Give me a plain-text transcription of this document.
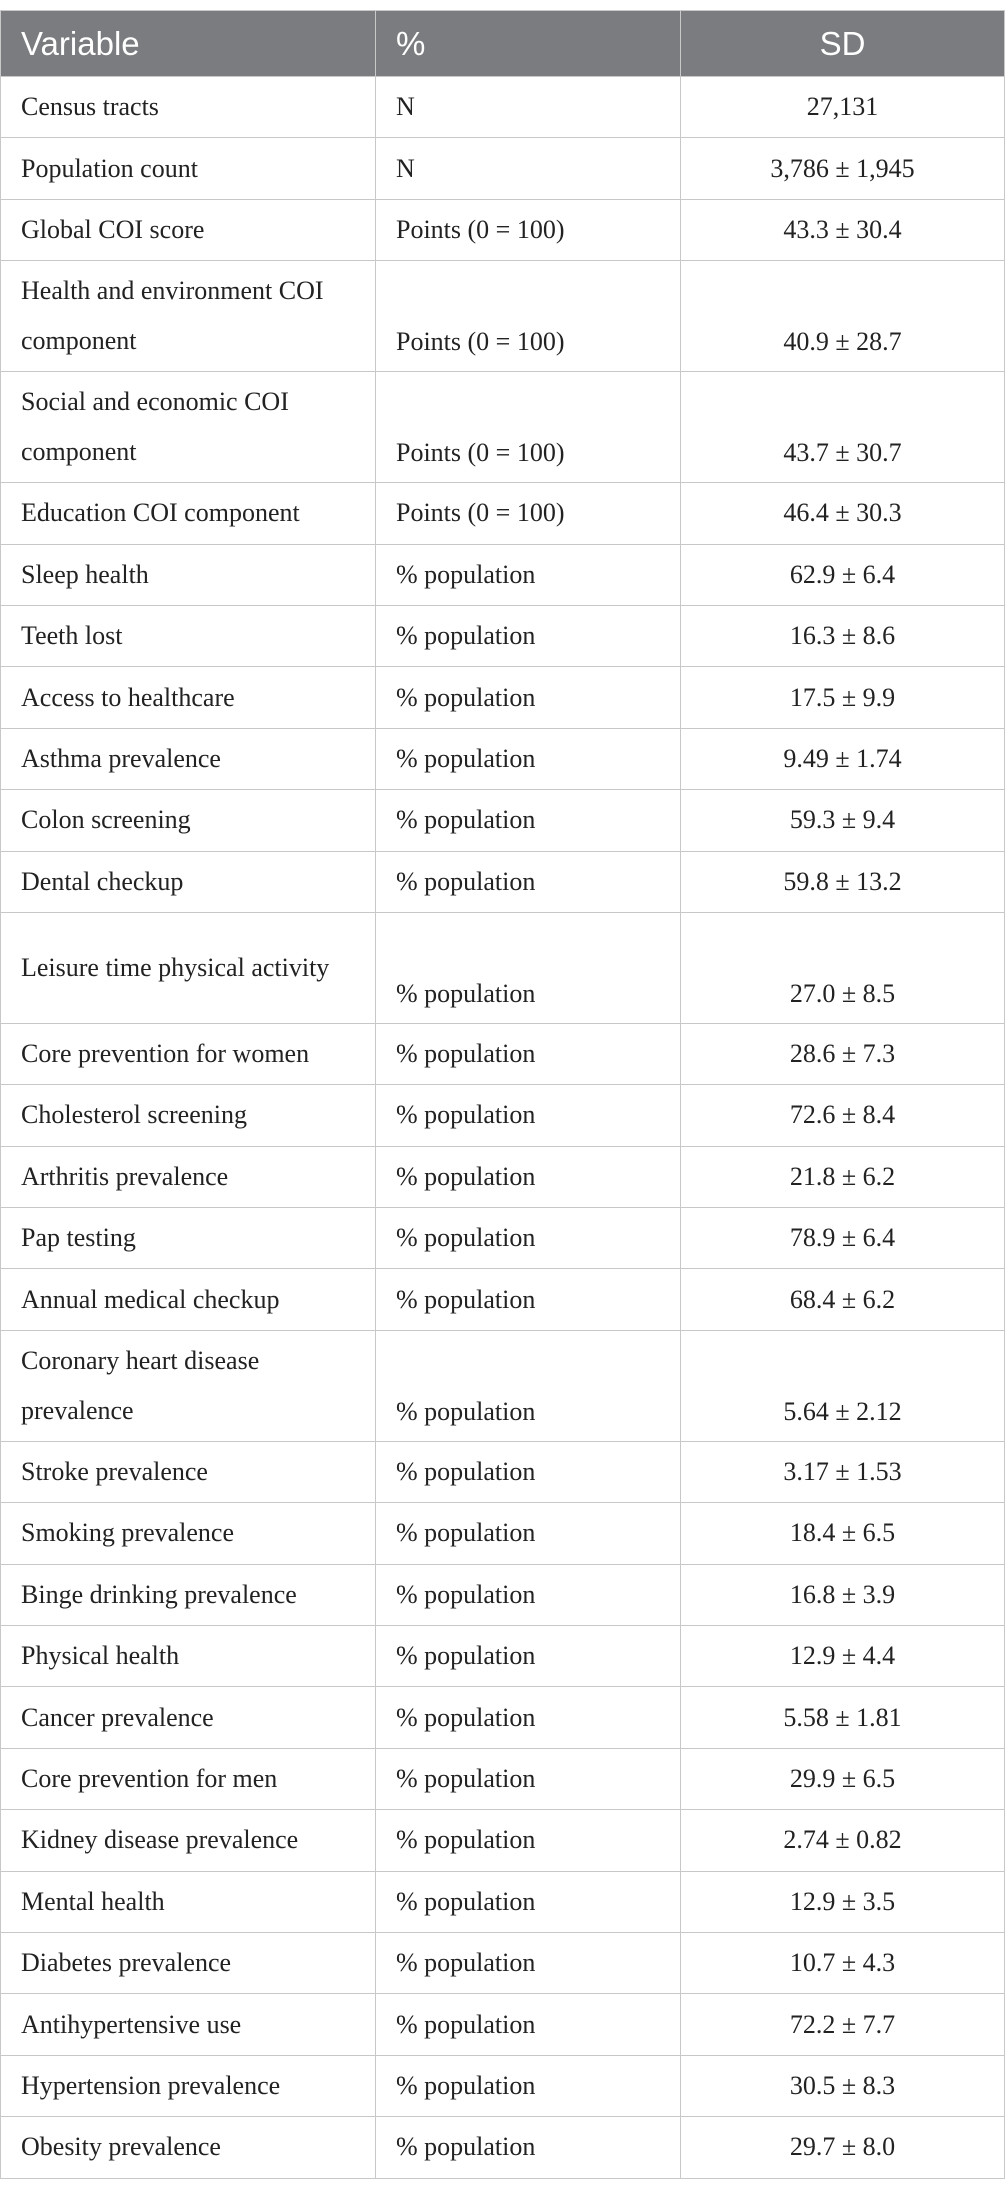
Variable	%	SD
Census tracts	N	27,131
Population count	N	3,786 ± 1,945
Global COI score	Points (0 = 100)	43.3 ± 30.4
Health and environment COI component	Points (0 = 100)	40.9 ± 28.7
Social and economic COI component	Points (0 = 100)	43.7 ± 30.7
Education COI component	Points (0 = 100)	46.4 ± 30.3
Sleep health	% population	62.9 ± 6.4
Teeth lost	% population	16.3 ± 8.6
Access to healthcare	% population	17.5 ± 9.9
Asthma prevalence	% population	9.49 ± 1.74
Colon screening	% population	59.3 ± 9.4
Dental checkup	% population	59.8 ± 13.2
Leisure time physical activity	% population	27.0 ± 8.5
Core prevention for women	% population	28.6 ± 7.3
Cholesterol screening	% population	72.6 ± 8.4
Arthritis prevalence	% population	21.8 ± 6.2
Pap testing	% population	78.9 ± 6.4
Annual medical checkup	% population	68.4 ± 6.2
Coronary heart disease prevalence	% population	5.64 ± 2.12
Stroke prevalence	% population	3.17 ± 1.53
Smoking prevalence	% population	18.4 ± 6.5
Binge drinking prevalence	% population	16.8 ± 3.9
Physical health	% population	12.9 ± 4.4
Cancer prevalence	% population	5.58 ± 1.81
Core prevention for men	% population	29.9 ± 6.5
Kidney disease prevalence	% population	2.74 ± 0.82
Mental health	% population	12.9 ± 3.5
Diabetes prevalence	% population	10.7 ± 4.3
Antihypertensive use	% population	72.2 ± 7.7
Hypertension prevalence	% population	30.5 ± 8.3
Obesity prevalence	% population	29.7 ± 8.0
